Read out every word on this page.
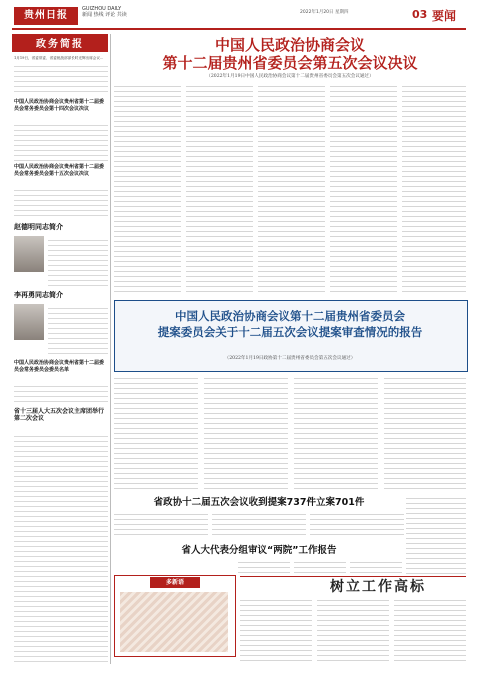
贵州日报
GUIZHOU DAILY
新闻 热线 评论 共读	2022年1月20日 星期四	03 要闻
政务简报
1月19日，省委常委、省委统战部部长时光辉出席会议...
中国人民政治协商会议贵州省第十二届委员会常务委员会第十四次会议决议
中国人民政治协商会议贵州省第十二届委员会常务委员会第十五次会议决议
赵德明同志简介
李再勇同志简介
中国人民政治协商会议贵州省第十二届委员会常务委员会委员名单
省十三届人大五次会议主席团举行第二次会议
中国人民政治协商会议
第十二届贵州省委员会第五次会议决议
（2022年1月19日中国人民政治协商会议第十二届贵州省委员会第五次会议通过）
中国人民政治协商会议第十二届贵州省委员会
提案委员会关于十二届五次会议提案审查情况的报告
（2022年1月19日政协第十二届贵州省委员会第五次会议通过）
省政协十二届五次会议收到提案737件立案701件
省人大代表分组审议“两院”工作报告
多新语	树立工作高标
